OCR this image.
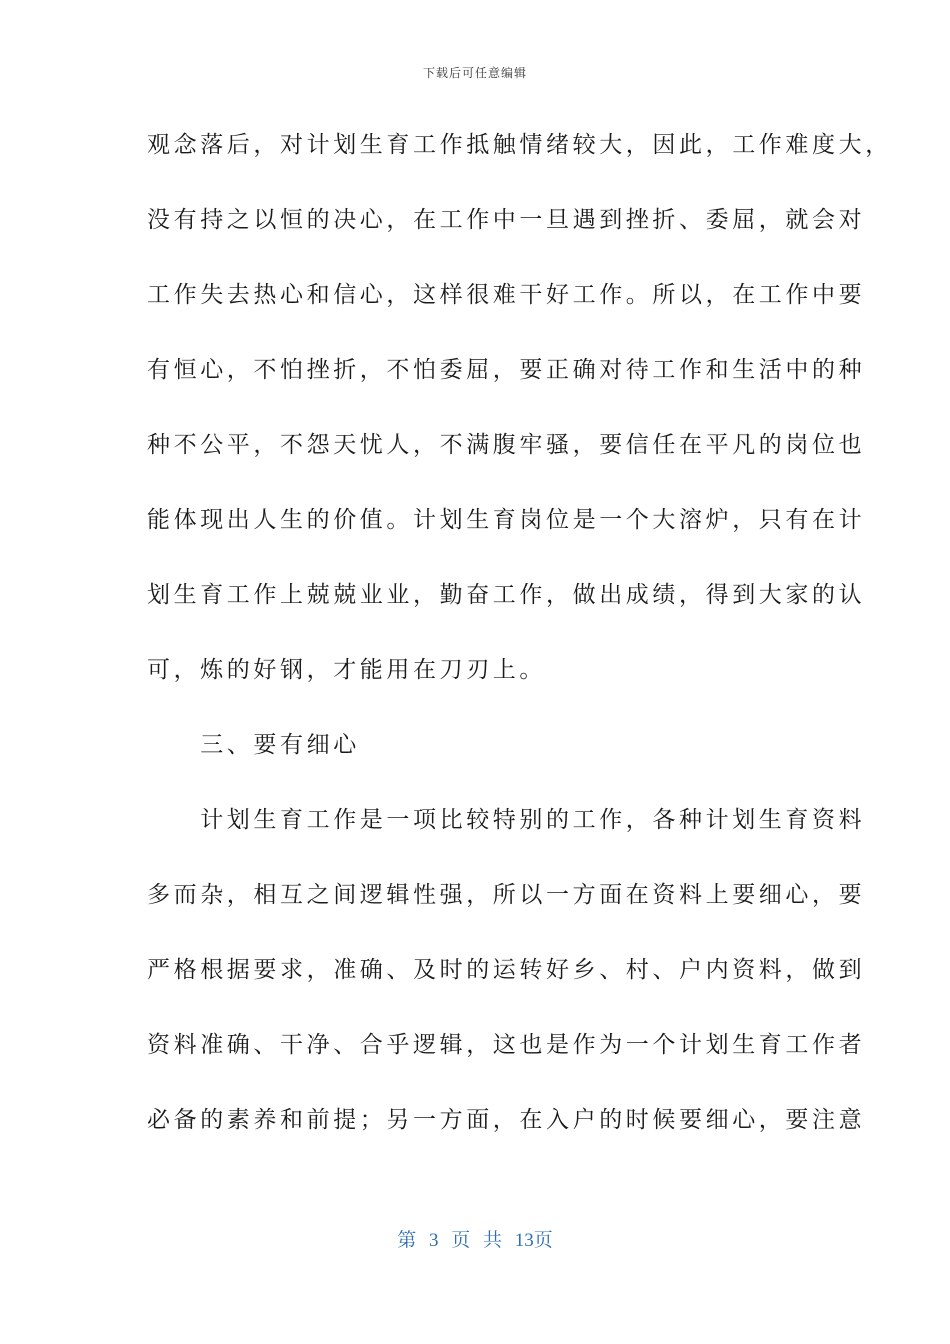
下载后可任意编辑
观念落后，对计划生育工作抵触情绪较大，因此，工作难度大，
没有持之以恒的决心，在工作中一旦遇到挫折、委屈，就会对
工作失去热心和信心，这样很难干好工作。所以，在工作中要
有恒心，不怕挫折，不怕委屈，要正确对待工作和生活中的种
种不公平，不怨天忧人，不满腹牢骚，要信任在平凡的岗位也
能体现出人生的价值。计划生育岗位是一个大溶炉，只有在计
划生育工作上兢兢业业，勤奋工作，做出成绩，得到大家的认
可，炼的好钢，才能用在刀刃上。
　　三、要有细心
　　计划生育工作是一项比较特别的工作，各种计划生育资料
多而杂，相互之间逻辑性强，所以一方面在资料上要细心，要
严格根据要求，准确、及时的运转好乡、村、户内资料，做到
资料准确、干净、合乎逻辑，这也是作为一个计划生育工作者
必备的素养和前提；另一方面，在入户的时候要细心，要注意
第 3 页 共 13页
